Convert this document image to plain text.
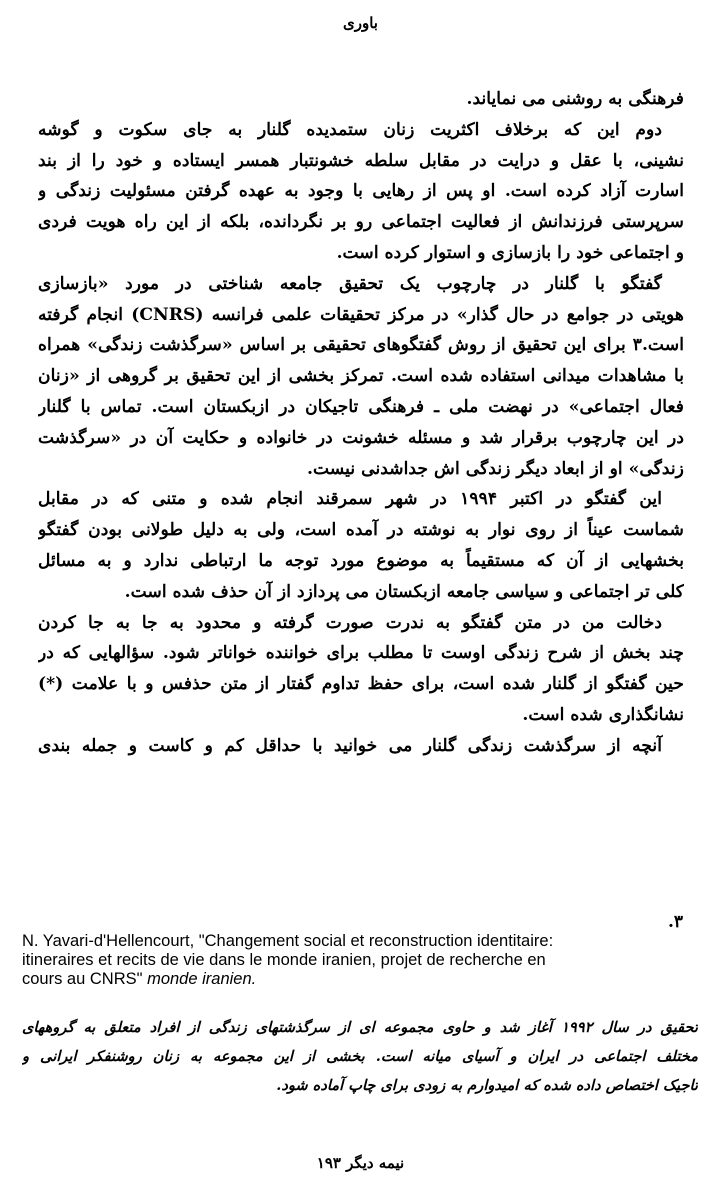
باوری
فرهنگی به روشنی می نمایاند.
دوم این که برخلاف اکثریت زنان ستمدیده گلنار به جای سکوت و گوشه
نشینی، با عقل و درایت در مقابل سلطه خشونتبار همسر ایستاده و خود را از بند
اسارت آزاد کرده است. او پس از رهایی با وجود به عهده گرفتن مسئولیت زندگی و
سرپرستی فرزندانش از فعالیت اجتماعی رو بر نگردانده، بلکه از این راه هویت فردی
و اجتماعی خود را بازسازی و استوار کرده است.
گفتگو با گلنار در چارچوب یک تحقیق جامعه شناختی در مورد «بازسازی
هویتی در جوامع در حال گذار» در مرکز تحقیقات علمی فرانسه (CNRS) انجام گرفته
است.۳ برای این تحقیق از روش گفتگوهای تحقیقی بر اساس «سرگذشت زندگی» همراه
با مشاهدات میدانی استفاده شده است. تمرکز بخشی از این تحقیق بر گروهی از «زنان
فعال اجتماعی» در نهضت ملی ـ فرهنگی تاجیکان در ازبکستان است. تماس با گلنار
در این چارچوب برقرار شد و مسئله خشونت در خانواده و حکایت آن در «سرگذشت
زندگی» او از ابعاد دیگر زندگی اش جداشدنی نیست.
این گفتگو در اکتبر ۱۹۹۴ در شهر سمرقند انجام شده و متنی که در مقابل
شماست عیناً از روی نوار به نوشته در آمده است، ولی به دلیل طولانی بودن گفتگو
بخشهایی از آن که مستقیماً به موضوع مورد توجه ما ارتباطی ندارد و به مسائل
کلی تر اجتماعی و سیاسی جامعه ازبکستان می پردازد از آن حذف شده است.
دخالت من در متن گفتگو به ندرت صورت گرفته و محدود به جا به جا کردن
چند بخش از شرح زندگی اوست تا مطلب برای خواننده خواناتر شود. سؤالهایی که در
حین گفتگو از گلنار شده است، برای حفظ تداوم گفتار از متن حذفس و با علامت (*)
نشانگذاری شده است.
آنچه از سرگذشت زندگی گلنار می خوانید با حداقل کم و کاست و جمله بندی
۳.
N. Yavari-d'Hellencourt, "Changement social et reconstruction identitaire:
itineraires et recits de vie dans le monde iranien, projet de recherche en
cours au CNRS" monde iranien.
تحقیق در سال ۱۹۹۲ آغاز شد و حاوی مجموعه ای از سرگذشتهای زندگی از افراد متعلق به گروههای
مختلف اجتماعی در ایران و آسیای میانه است. بخشی از این مجموعه به زنان روشنفکر ایرانی و
تاجیک اختصاص داده شده که امیدوارم به زودی برای چاپ آماده شود.
نیمه دیگر ۱۹۳
